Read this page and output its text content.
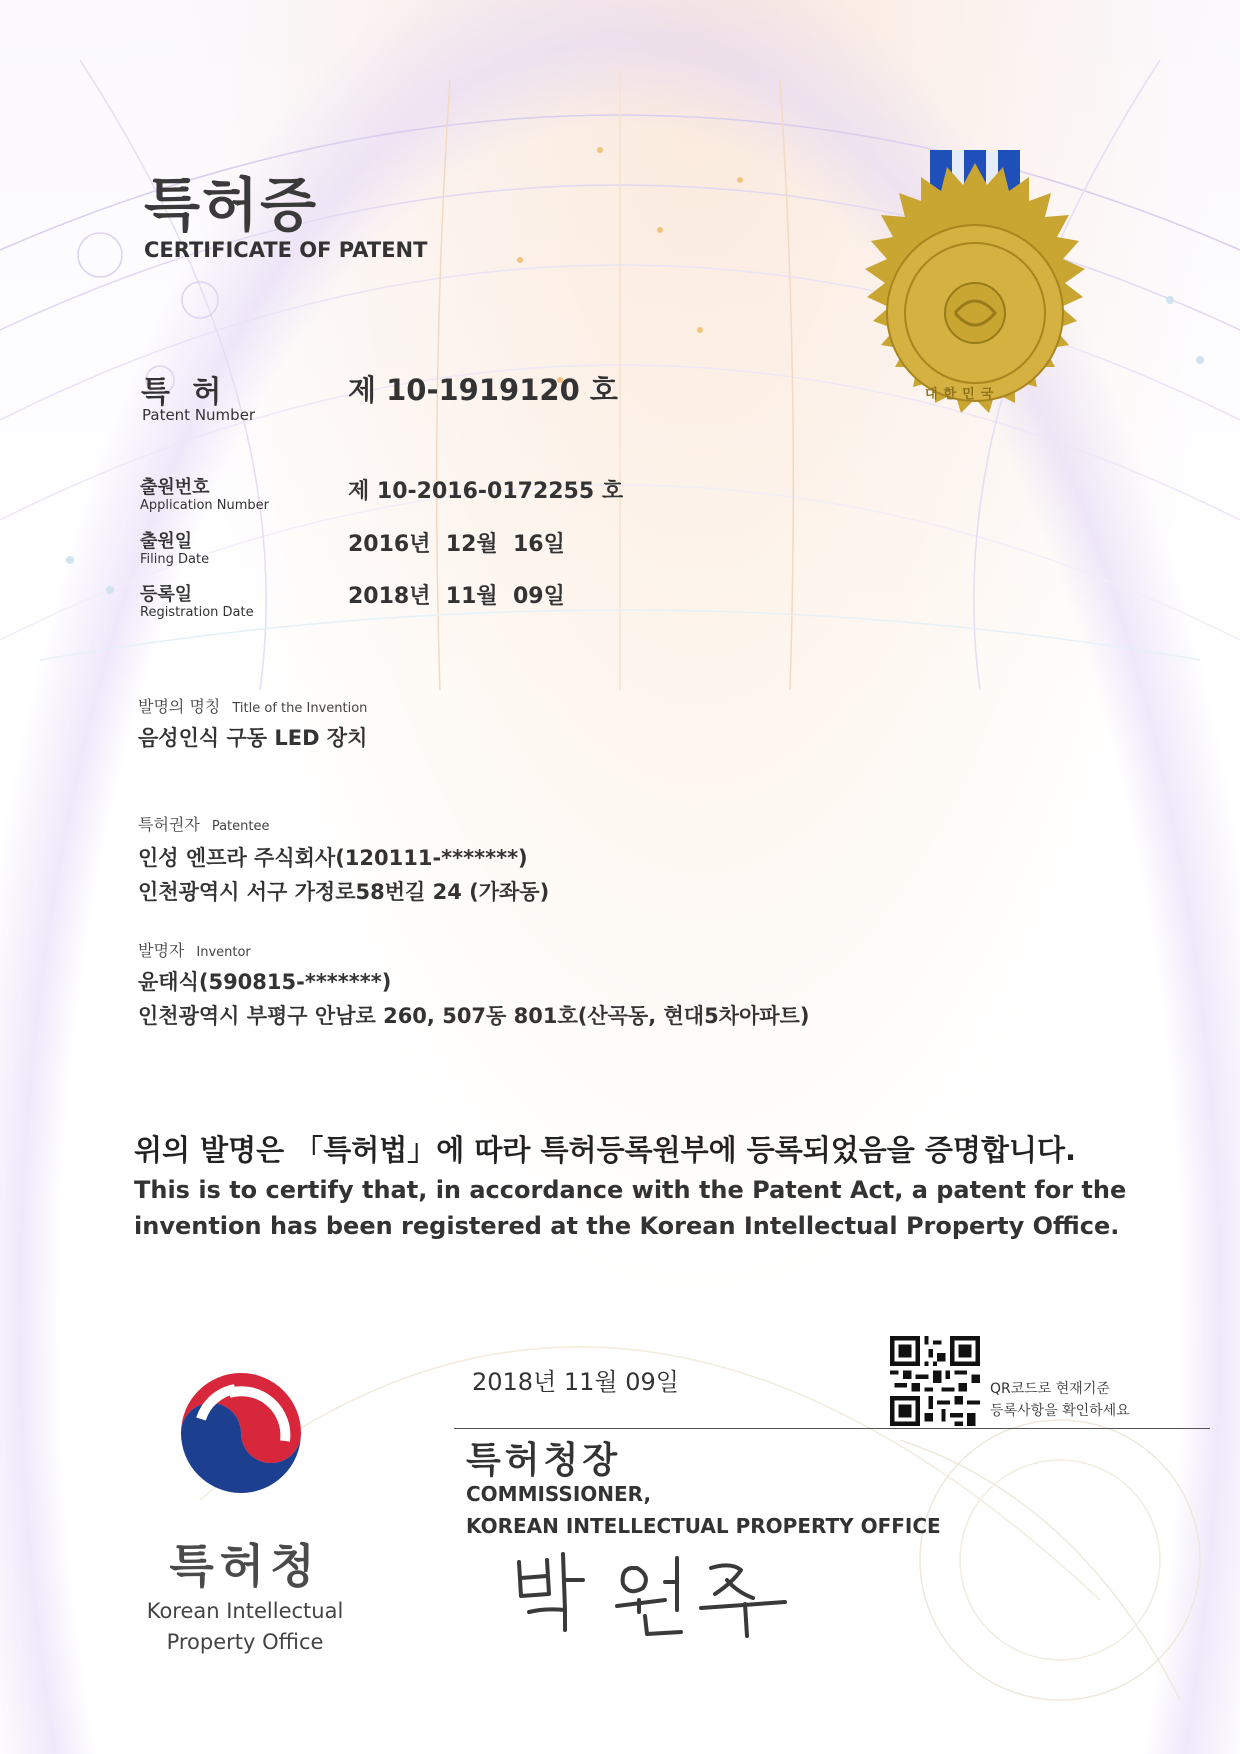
대한민국
특허증
CERTIFICATE OF PATENT
특 허
Patent Number
제 10-1919120 호
출원번호
Application Number
제 10-2016-0172255 호
출원일
Filing Date
2016년  12월  16일
등록일
Registration Date
2018년  11월  09일
발명의 명칭 Title of the Invention
음성인식 구동 LED 장치
특허권자 Patentee
인성 엔프라 주식회사(120111-*******)
인천광역시 서구 가정로58번길 24 (가좌동)
발명자 Inventor
윤태식(590815-*******)
인천광역시 부평구 안남로 260, 507동 801호(산곡동, 현대5차아파트)
위의 발명은 「특허법」에 따라 특허등록원부에 등록되었음을 증명합니다.
This is to certify that, in accordance with the Patent Act, a patent for the invention has been registered at the Korean Intellectual Property Office.
QR코드로 현재기준
등록사항을 확인하세요
2018년 11월 09일
특허청장
COMMISSIONER,
KOREAN INTELLECTUAL PROPERTY OFFICE
특허청
Korean Intellectual Property Office
